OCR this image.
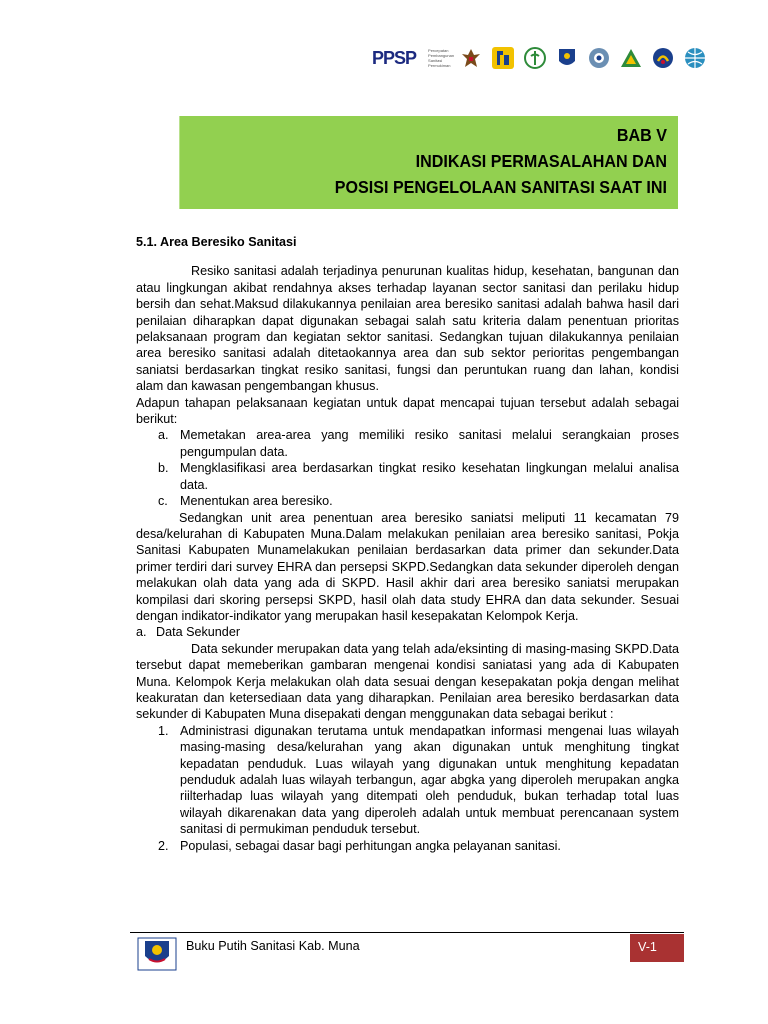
PPSP	Percepatan Pembangunan Sanitasi Permukiman
BAB V
INDIKASI PERMASALAHAN DAN
POSISI PENGELOLAAN SANITASI SAAT INI
5.1. Area Beresiko Sanitasi

Resiko sanitasi adalah terjadinya penurunan kualitas hidup, kesehatan, bangunan dan atau lingkungan akibat rendahnya akses terhadap layanan sector sanitasi dan perilaku hidup bersih dan sehat.Maksud dilakukannya penilaian area beresiko sanitasi adalah bahwa hasil dari penilaian diharapkan dapat digunakan sebagai salah satu kriteria dalam penentuan prioritas pelaksanaan program dan kegiatan sektor sanitasi. Sedangkan tujuan dilakukannya penilaian area beresiko sanitasi adalah ditetaokannya area dan sub sektor perioritas pengembangan saniatsi berdasarkan tingkat resiko sanitasi, fungsi dan peruntukan ruang dan lahan, kondisi alam dan kawasan pengembangan khusus.

Adapun tahapan pelaksanaan kegiatan untuk dapat mencapai tujuan tersebut adalah sebagai berikut:

a. Memetakan area-area yang memiliki resiko sanitasi melalui serangkaian proses pengumpulan data.
b. Mengklasifikasi area berdasarkan tingkat resiko kesehatan lingkungan melalui analisa data.
c. Menentukan area beresiko.

Sedangkan unit area penentuan area beresiko saniatsi meliputi 11 kecamatan 79 desa/kelurahan di Kabupaten Muna.Dalam melakukan penilaian area beresiko sanitasi, Pokja Sanitasi Kabupaten Munamelakukan penilaian berdasarkan data primer dan sekunder.Data primer terdiri dari survey EHRA dan persepsi SKPD.Sedangkan data sekunder diperoleh dengan melakukan olah data yang ada di SKPD. Hasil akhir dari area beresiko saniatsi merupakan kompilasi dari skoring persepsi SKPD, hasil olah data study EHRA dan data sekunder. Sesuai dengan indikator-indikator yang merupakan hasil kesepakatan Kelompok Kerja.

a. Data Sekunder

Data sekunder merupakan data yang telah ada/eksinting di masing-masing SKPD.Data tersebut dapat memeberikan gambaran mengenai kondisi saniatasi yang ada di Kabupaten Muna. Kelompok Kerja melakukan olah data sesuai dengan kesepakatan pokja dengan melihat keakuratan dan ketersediaan data yang diharapkan. Penilaian area beresiko berdasarkan data sekunder di Kabupaten Muna disepakati dengan menggunakan data sebagai berikut :

1. Administrasi digunakan terutama untuk mendapatkan informasi mengenai luas wilayah masing-masing desa/kelurahan yang akan digunakan untuk menghitung tingkat kepadatan penduduk. Luas wilayah yang digunakan untuk menghitung kepadatan penduduk adalah luas wilayah terbangun, agar abgka yang diperoleh merupakan angka riilterhadap luas wilayah yang ditempati oleh penduduk, bukan terhadap total luas wilayah dikarenakan data yang diperoleh adalah untuk membuat perencanaan system sanitasi di permukiman penduduk tersebut.
2. Populasi, sebagai dasar bagi perhitungan angka pelayanan sanitasi.
Buku Putih Sanitasi Kab. Muna	V-1
